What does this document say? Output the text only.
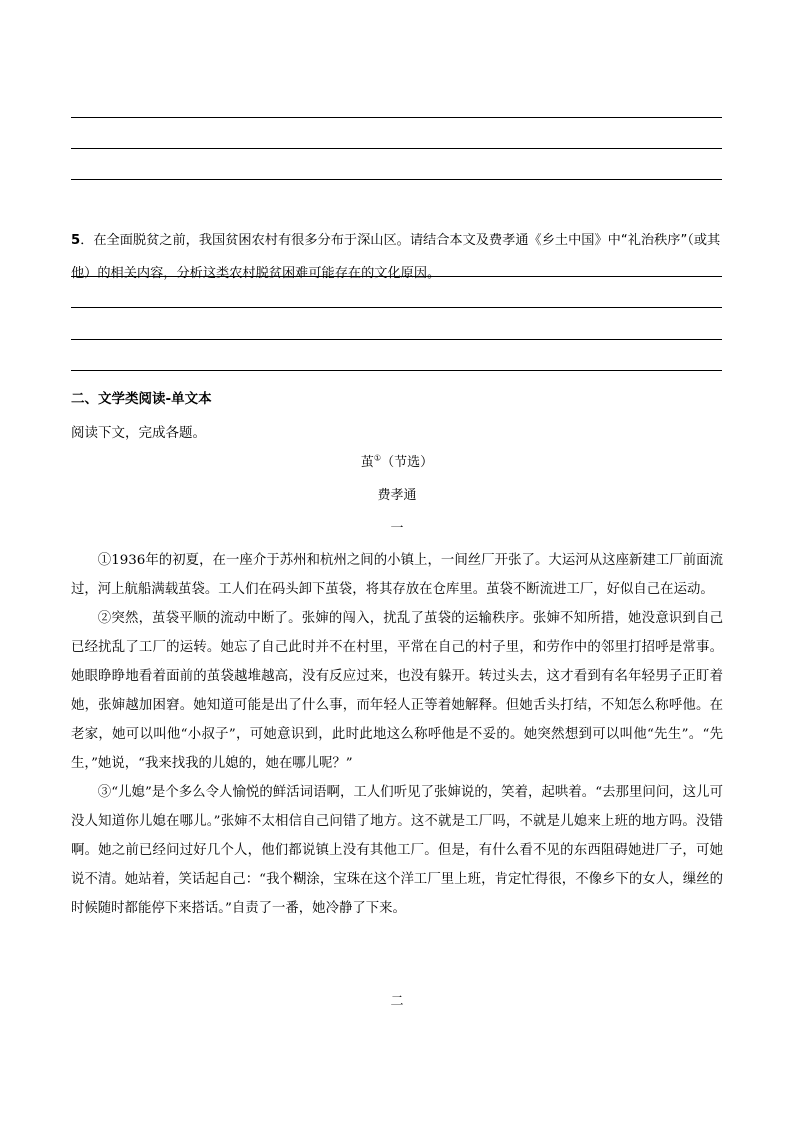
5．在全面脱贫之前，我国贫困农村有很多分布于深山区。请结合本文及费孝通《乡土中国》中“礼治秩序”（或其他）的相关内容，分析这类农村脱贫困难可能存在的文化原因。
二、文学类阅读-单文本
阅读下文，完成各题。
茧①（节选）
费孝通
一

①1936年的初夏，在一座介于苏州和杭州之间的小镇上，一间丝厂开张了。大运河从这座新建工厂前面流过，河上航船满载茧袋。工人们在码头卸下茧袋，将其存放在仓库里。茧袋不断流进工厂，好似自己在运动。

②突然，茧袋平顺的流动中断了。张婶的闯入，扰乱了茧袋的运输秩序。张婶不知所措，她没意识到自己已经扰乱了工厂的运转。她忘了自己此时并不在村里，平常在自己的村子里，和劳作中的邻里打招呼是常事。她眼睁睁地看着面前的茧袋越堆越高，没有反应过来，也没有躲开。转过头去，这才看到有名年轻男子正盯着她，张婶越加困窘。她知道可能是出了什么事，而年轻人正等着她解释。但她舌头打结，不知怎么称呼他。在老家，她可以叫他“小叔子”，可她意识到，此时此地这么称呼他是不妥的。她突然想到可以叫他“先生”。“先生，”她说，“我来找我的儿媳的，她在哪儿呢？”

③“儿媳”是个多么令人愉悦的鲜活词语啊，工人们听见了张婶说的，笑着，起哄着。“去那里问问，这儿可没人知道你儿媳在哪儿。”张婶不太相信自己问错了地方。这不就是工厂吗，不就是儿媳来上班的地方吗。没错啊。她之前已经问过好几个人，他们都说镇上没有其他工厂。但是，有什么看不见的东西阻碍她进厂子，可她说不清。她站着，笑话起自己：“我个糊涂，宝珠在这个洋工厂里上班，肯定忙得很，不像乡下的女人，缫丝的时候随时都能停下来搭话。”自责了一番，她冷静了下来。

二
